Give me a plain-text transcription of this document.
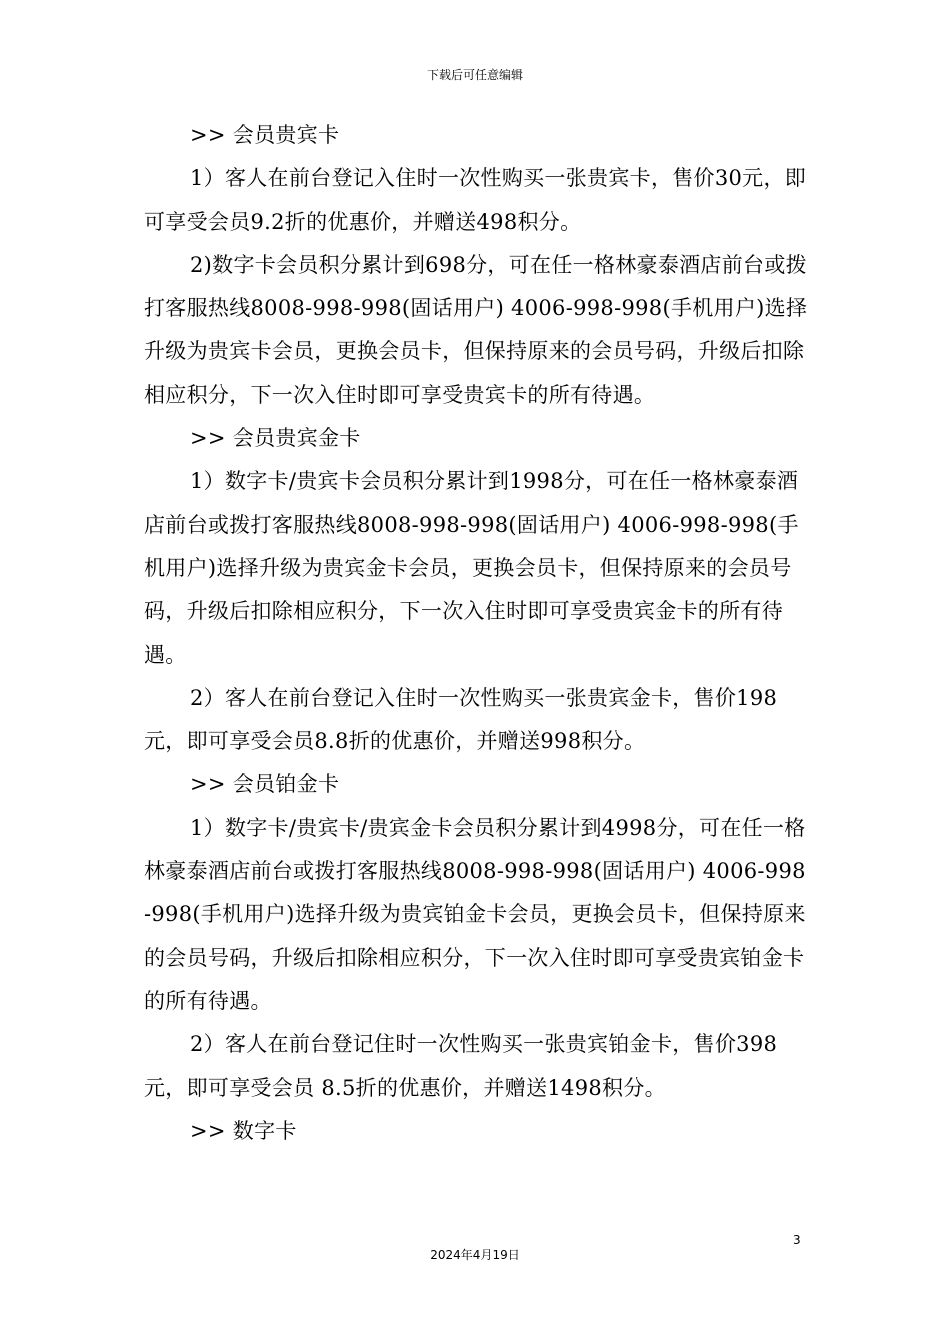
下载后可任意编辑

>> 会员贵宾卡

1）客人在前台登记入住时一次性购买一张贵宾卡，售价30元，即可享受会员9.2折的优惠价，并赠送498积分。

2)数字卡会员积分累计到698分，可在任一格林豪泰酒店前台或拨打客服热线8008-998-998(固话用户) 4006-998-998(手机用户)选择升级为贵宾卡会员，更换会员卡，但保持原来的会员号码，升级后扣除相应积分，下一次入住时即可享受贵宾卡的所有待遇。

>> 会员贵宾金卡

1）数字卡/贵宾卡会员积分累计到1998分，可在任一格林豪泰酒店前台或拨打客服热线8008-998-998(固话用户) 4006-998-998(手机用户)选择升级为贵宾金卡会员，更换会员卡，但保持原来的会员号码，升级后扣除相应积分，下一次入住时即可享受贵宾金卡的所有待遇。

2）客人在前台登记入住时一次性购买一张贵宾金卡，售价198元，即可享受会员8.8折的优惠价，并赠送998积分。

>> 会员铂金卡

1）数字卡/贵宾卡/贵宾金卡会员积分累计到4998分，可在任一格林豪泰酒店前台或拨打客服热线8008-998-998(固话用户) 4006-998-998(手机用户)选择升级为贵宾铂金卡会员，更换会员卡，但保持原来的会员号码，升级后扣除相应积分，下一次入住时即可享受贵宾铂金卡的所有待遇。

2）客人在前台登记住时一次性购买一张贵宾铂金卡，售价398元，即可享受会员 8.5折的优惠价，并赠送1498积分。

>> 数字卡

3
2024年4月19日
